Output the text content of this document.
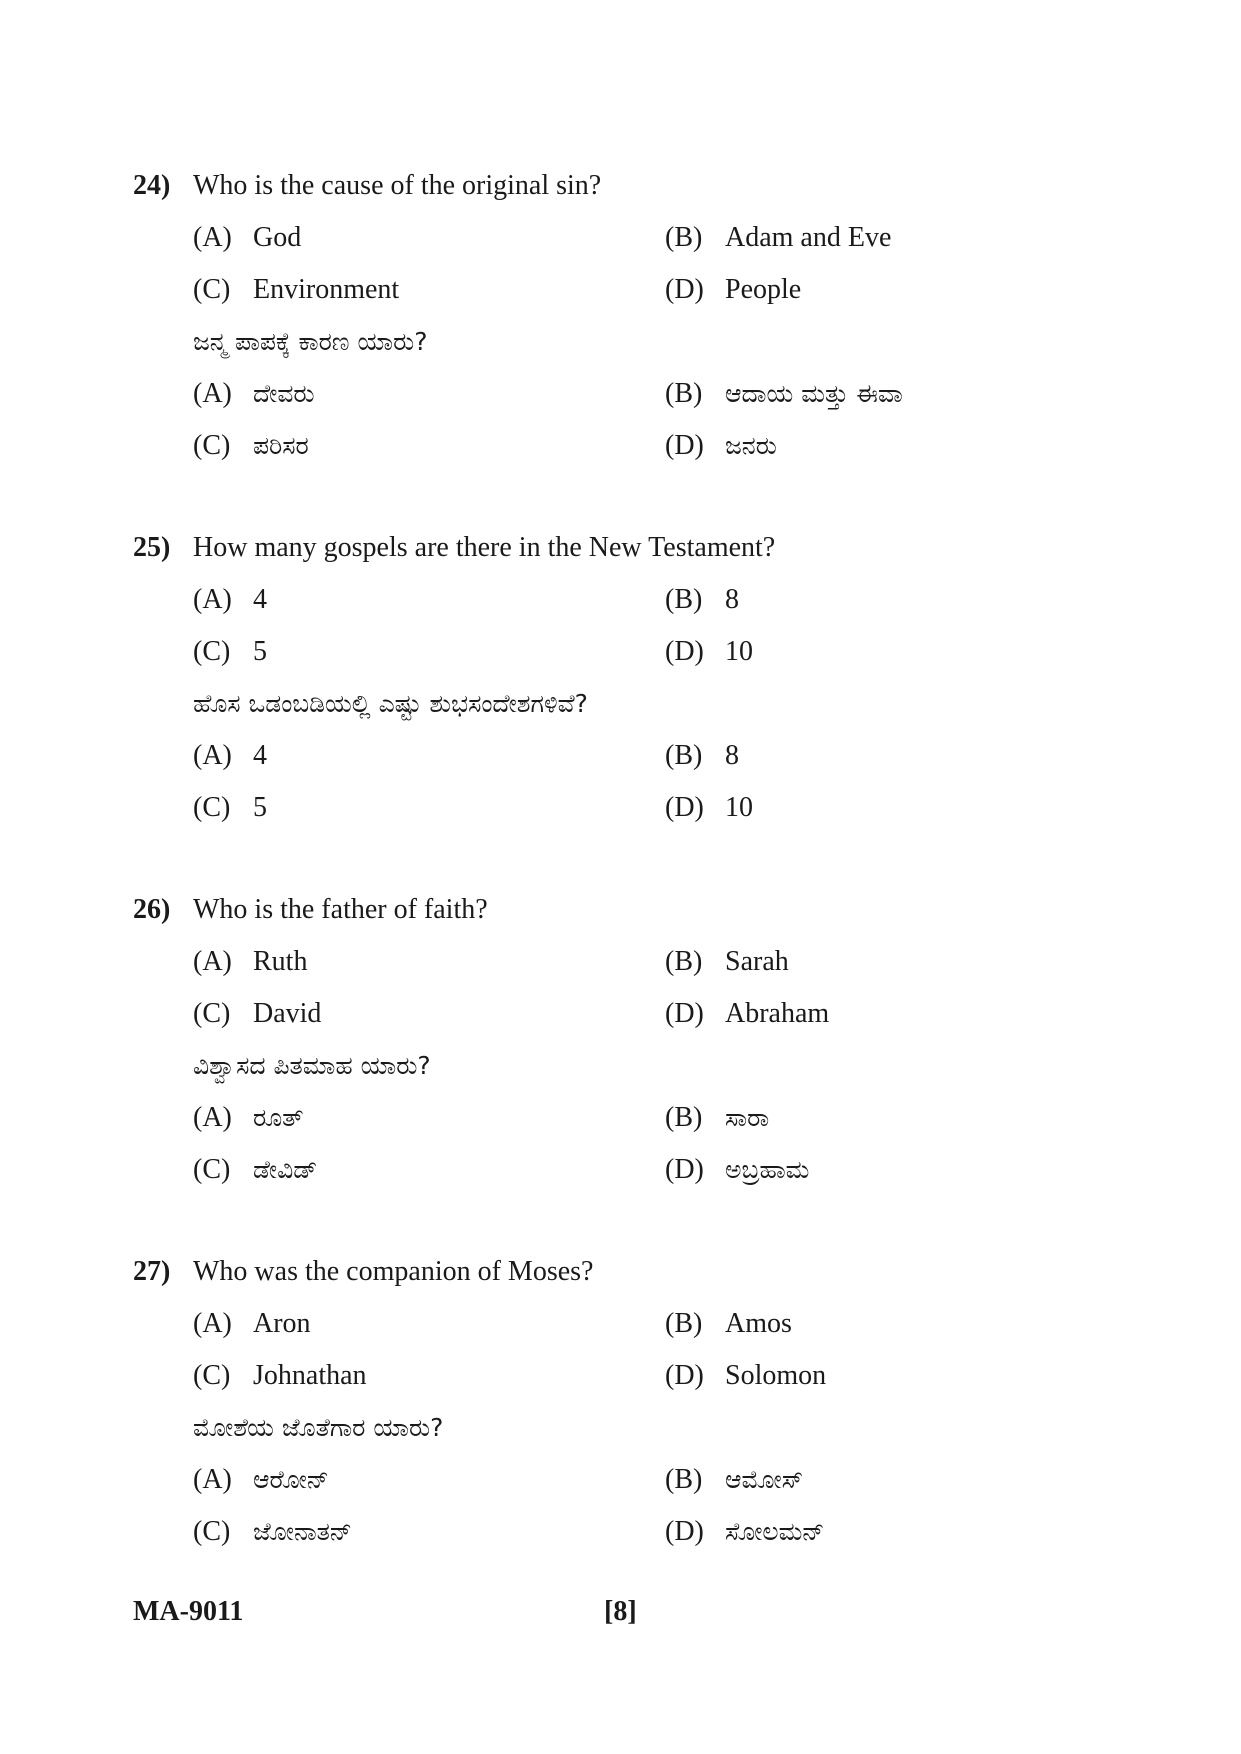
24) Who is the cause of the original sin?
(A) God	(B) Adam and Eve
(C) Environment	(D) People
ಜನ್ಮ ಪಾಪಕ್ಕೆ ಕಾರಣ ಯಾರು?
(A) ದೇವರು	(B) ಆದಾಯ ಮತ್ತು ಈವಾ
(C) ಪರಿಸರ	(D) ಜನರು
25) How many gospels are there in the New Testament?
(A) 4	(B) 8
(C) 5	(D) 10
ಹೊಸ ಒಡಂಬಡಿಯಲ್ಲಿ ಎಷ್ಟು ಶುಭಸಂದೇಶಗಳಿವೆ?
(A) 4	(B) 8
(C) 5	(D) 10
26) Who is the father of faith?
(A) Ruth	(B) Sarah
(C) David	(D) Abraham
ವಿಶ್ವಾಸದ ಪಿತಮಾಹ ಯಾರು?
(A) ರೂತ್	(B) ಸಾರಾ
(C) ಡೇವಿಡ್	(D) ಅಬ್ರಹಾಮ
27) Who was the companion of Moses?
(A) Aron	(B) Amos
(C) Johnathan	(D) Solomon
ಮೋಶೆಯ ಜೊತೆಗಾರ ಯಾರು?
(A) ಆರೋನ್	(B) ಆಮೋಸ್
(C) ಜೋನಾತನ್	(D) ಸೋಲಮನ್
MA-9011	[8]
